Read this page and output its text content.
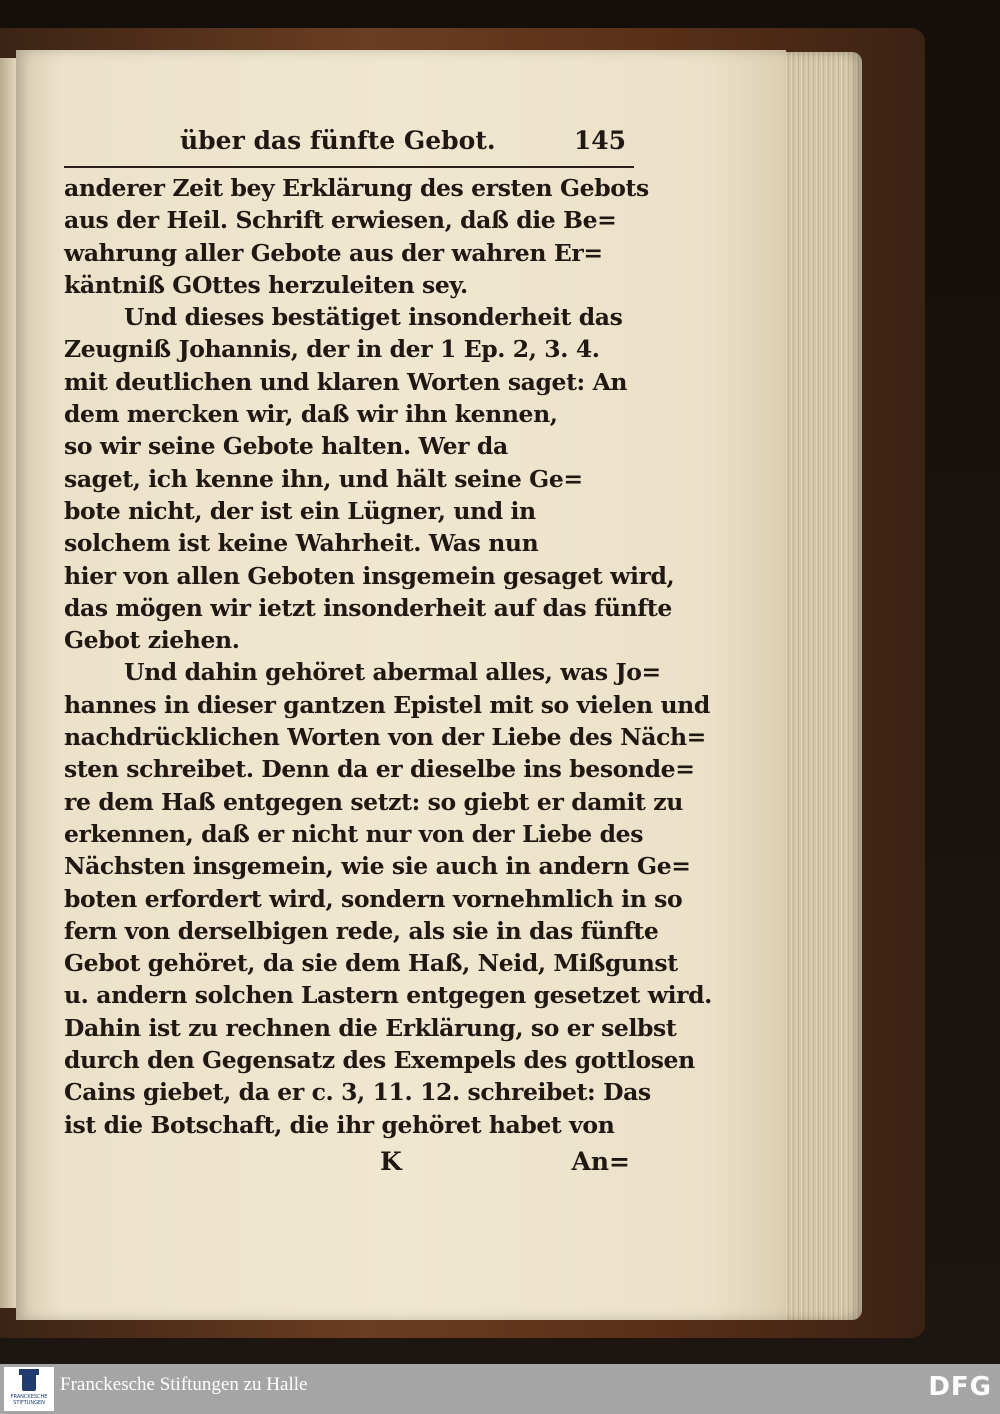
über das fünfte Gebot.	145
anderer Zeit bey Erklärung des ersten Gebots
aus der Heil. Schrift erwiesen, daß die Be=
wahrung aller Gebote aus der wahren Er=
käntniß GOttes herzuleiten sey.
Und dieses bestätiget insonderheit das
Zeugniß Johannis, der in der 1 Ep. 2, 3. 4.
mit deutlichen und klaren Worten saget: An
dem mercken wir, daß wir ihn kennen,
so wir seine Gebote halten. Wer da
saget, ich kenne ihn, und hält seine Ge=
bote nicht, der ist ein Lügner, und in
solchem ist keine Wahrheit. Was nun
hier von allen Geboten insgemein gesaget wird,
das mögen wir ietzt insonderheit auf das fünfte
Gebot ziehen.
Und dahin gehöret abermal alles, was Jo=
hannes in dieser gantzen Epistel mit so vielen und
nachdrücklichen Worten von der Liebe des Näch=
sten schreibet. Denn da er dieselbe ins besonde=
re dem Haß entgegen setzt: so giebt er damit zu
erkennen, daß er nicht nur von der Liebe des
Nächsten insgemein, wie sie auch in andern Ge=
boten erfordert wird, sondern vornehmlich in so
fern von derselbigen rede, als sie in das fünfte
Gebot gehöret, da sie dem Haß, Neid, Mißgunst
u. andern solchen Lastern entgegen gesetzet wird.
Dahin ist zu rechnen die Erklärung, so er selbst
durch den Gegensatz des Exempels des gottlosen
Cains giebet, da er c. 3, 11. 12. schreibet: Das
ist die Botschaft, die ihr gehöret habet von
K	An=
FRANCKESCHE STIFTUNGEN
Franckesche Stiftungen zu Halle	DFG
